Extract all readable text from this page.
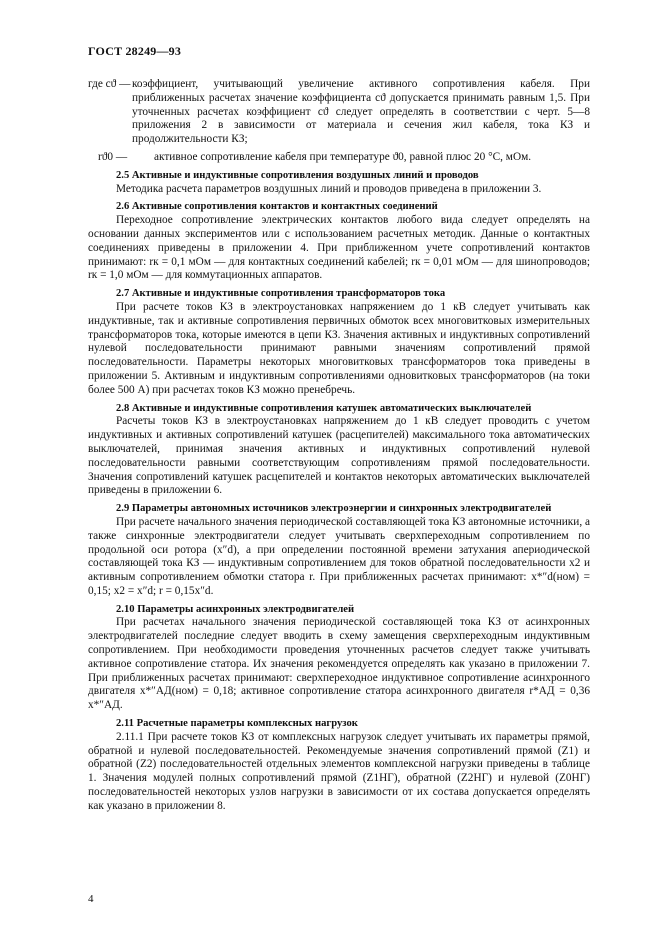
ГОСТ 28249—93
где cϑ — коэффициент, учитывающий увеличение активного сопротивления кабеля. При приближенных расчетах значение коэффициента cϑ допускается принимать равным 1,5. При уточненных расчетах коэффициент cϑ следует определять в соответствии с черт. 5—8 приложения 2 в зависимости от материала и сечения жил кабеля, тока КЗ и продолжительности КЗ;
rϑ0 —	активное сопротивление кабеля при температуре ϑ0, равной плюс 20 °С, мОм.

2.5 Активные и индуктивные сопротивления воздушных линий и проводов

Методика расчета параметров воздушных линий и проводов приведена в приложении 3.

2.6 Активные сопротивления контактов и контактных соединений

Переходное сопротивление электрических контактов любого вида следует определять на основании данных экспериментов или с использованием расчетных методик. Данные о контактных соединениях приведены в приложении 4. При приближенном учете сопротивлений контактов принимают: rк = 0,1 мОм — для контактных соединений кабелей; rк = 0,01 мОм — для шинопроводов; rк = 1,0 мОм — для коммутационных аппаратов.

2.7 Активные и индуктивные сопротивления трансформаторов тока

При расчете токов КЗ в электроустановках напряжением до 1 кВ следует учитывать как индуктивные, так и активные сопротивления первичных обмоток всех многовитковых измерительных трансформаторов тока, которые имеются в цепи КЗ. Значения активных и индуктивных сопротивлений нулевой последовательности принимают равными значениям сопротивлений прямой последовательности. Параметры некоторых многовитковых трансформаторов тока приведены в приложении 5. Активным и индуктивным сопротивлениями одновитковых трансформаторов (на токи более 500 А) при расчетах токов КЗ можно пренебречь.

2.8 Активные и индуктивные сопротивления катушек автоматических выключателей

Расчеты токов КЗ в электроустановках напряжением до 1 кВ следует проводить с учетом индуктивных и активных сопротивлений катушек (расцепителей) максимального тока автоматических выключателей, принимая значения активных и индуктивных сопротивлений нулевой последовательности равными соответствующим сопротивлениям прямой последовательности. Значения сопротивлений катушек расцепителей и контактов некоторых автоматических выключателей приведены в приложении 6.

2.9 Параметры автономных источников электроэнергии и синхронных электродвигателей

При расчете начального значения периодической составляющей тока КЗ автономные источники, а также синхронные электродвигатели следует учитывать сверхпереходным сопротивлением по продольной оси ротора (x″d), а при определении постоянной времени затухания апериодической составляющей тока КЗ — индуктивным сопротивлением для токов обратной последовательности x2 и активным сопротивлением обмотки статора r. При приближенных расчетах принимают: x*″d(ном) = 0,15; x2 = x″d; r = 0,15x″d.

2.10 Параметры асинхронных электродвигателей

При расчетах начального значения периодической составляющей тока КЗ от асинхронных электродвигателей последние следует вводить в схему замещения сверхпереходным индуктивным сопротивлением. При необходимости проведения уточненных расчетов следует также учитывать активное сопротивление статора. Их значения рекомендуется определять как указано в приложении 7. При приближенных расчетах принимают: сверхпереходное индуктивное сопротивление асинхронного двигателя x*″АД(ном) = 0,18; активное сопротивление статора асинхронного двигателя r*АД = 0,36 x*″АД.

2.11 Расчетные параметры комплексных нагрузок

2.11.1 При расчете токов КЗ от комплексных нагрузок следует учитывать их параметры прямой, обратной и нулевой последовательностей. Рекомендуемые значения сопротивлений прямой (Z1) и обратной (Z2) последовательностей отдельных элементов комплексной нагрузки приведены в таблице 1. Значения модулей полных сопротивлений прямой (Z1НГ), обратной (Z2НГ) и нулевой (Z0НГ) последовательностей некоторых узлов нагрузки в зависимости от их состава допускается определять как указано в приложении 8.

4
